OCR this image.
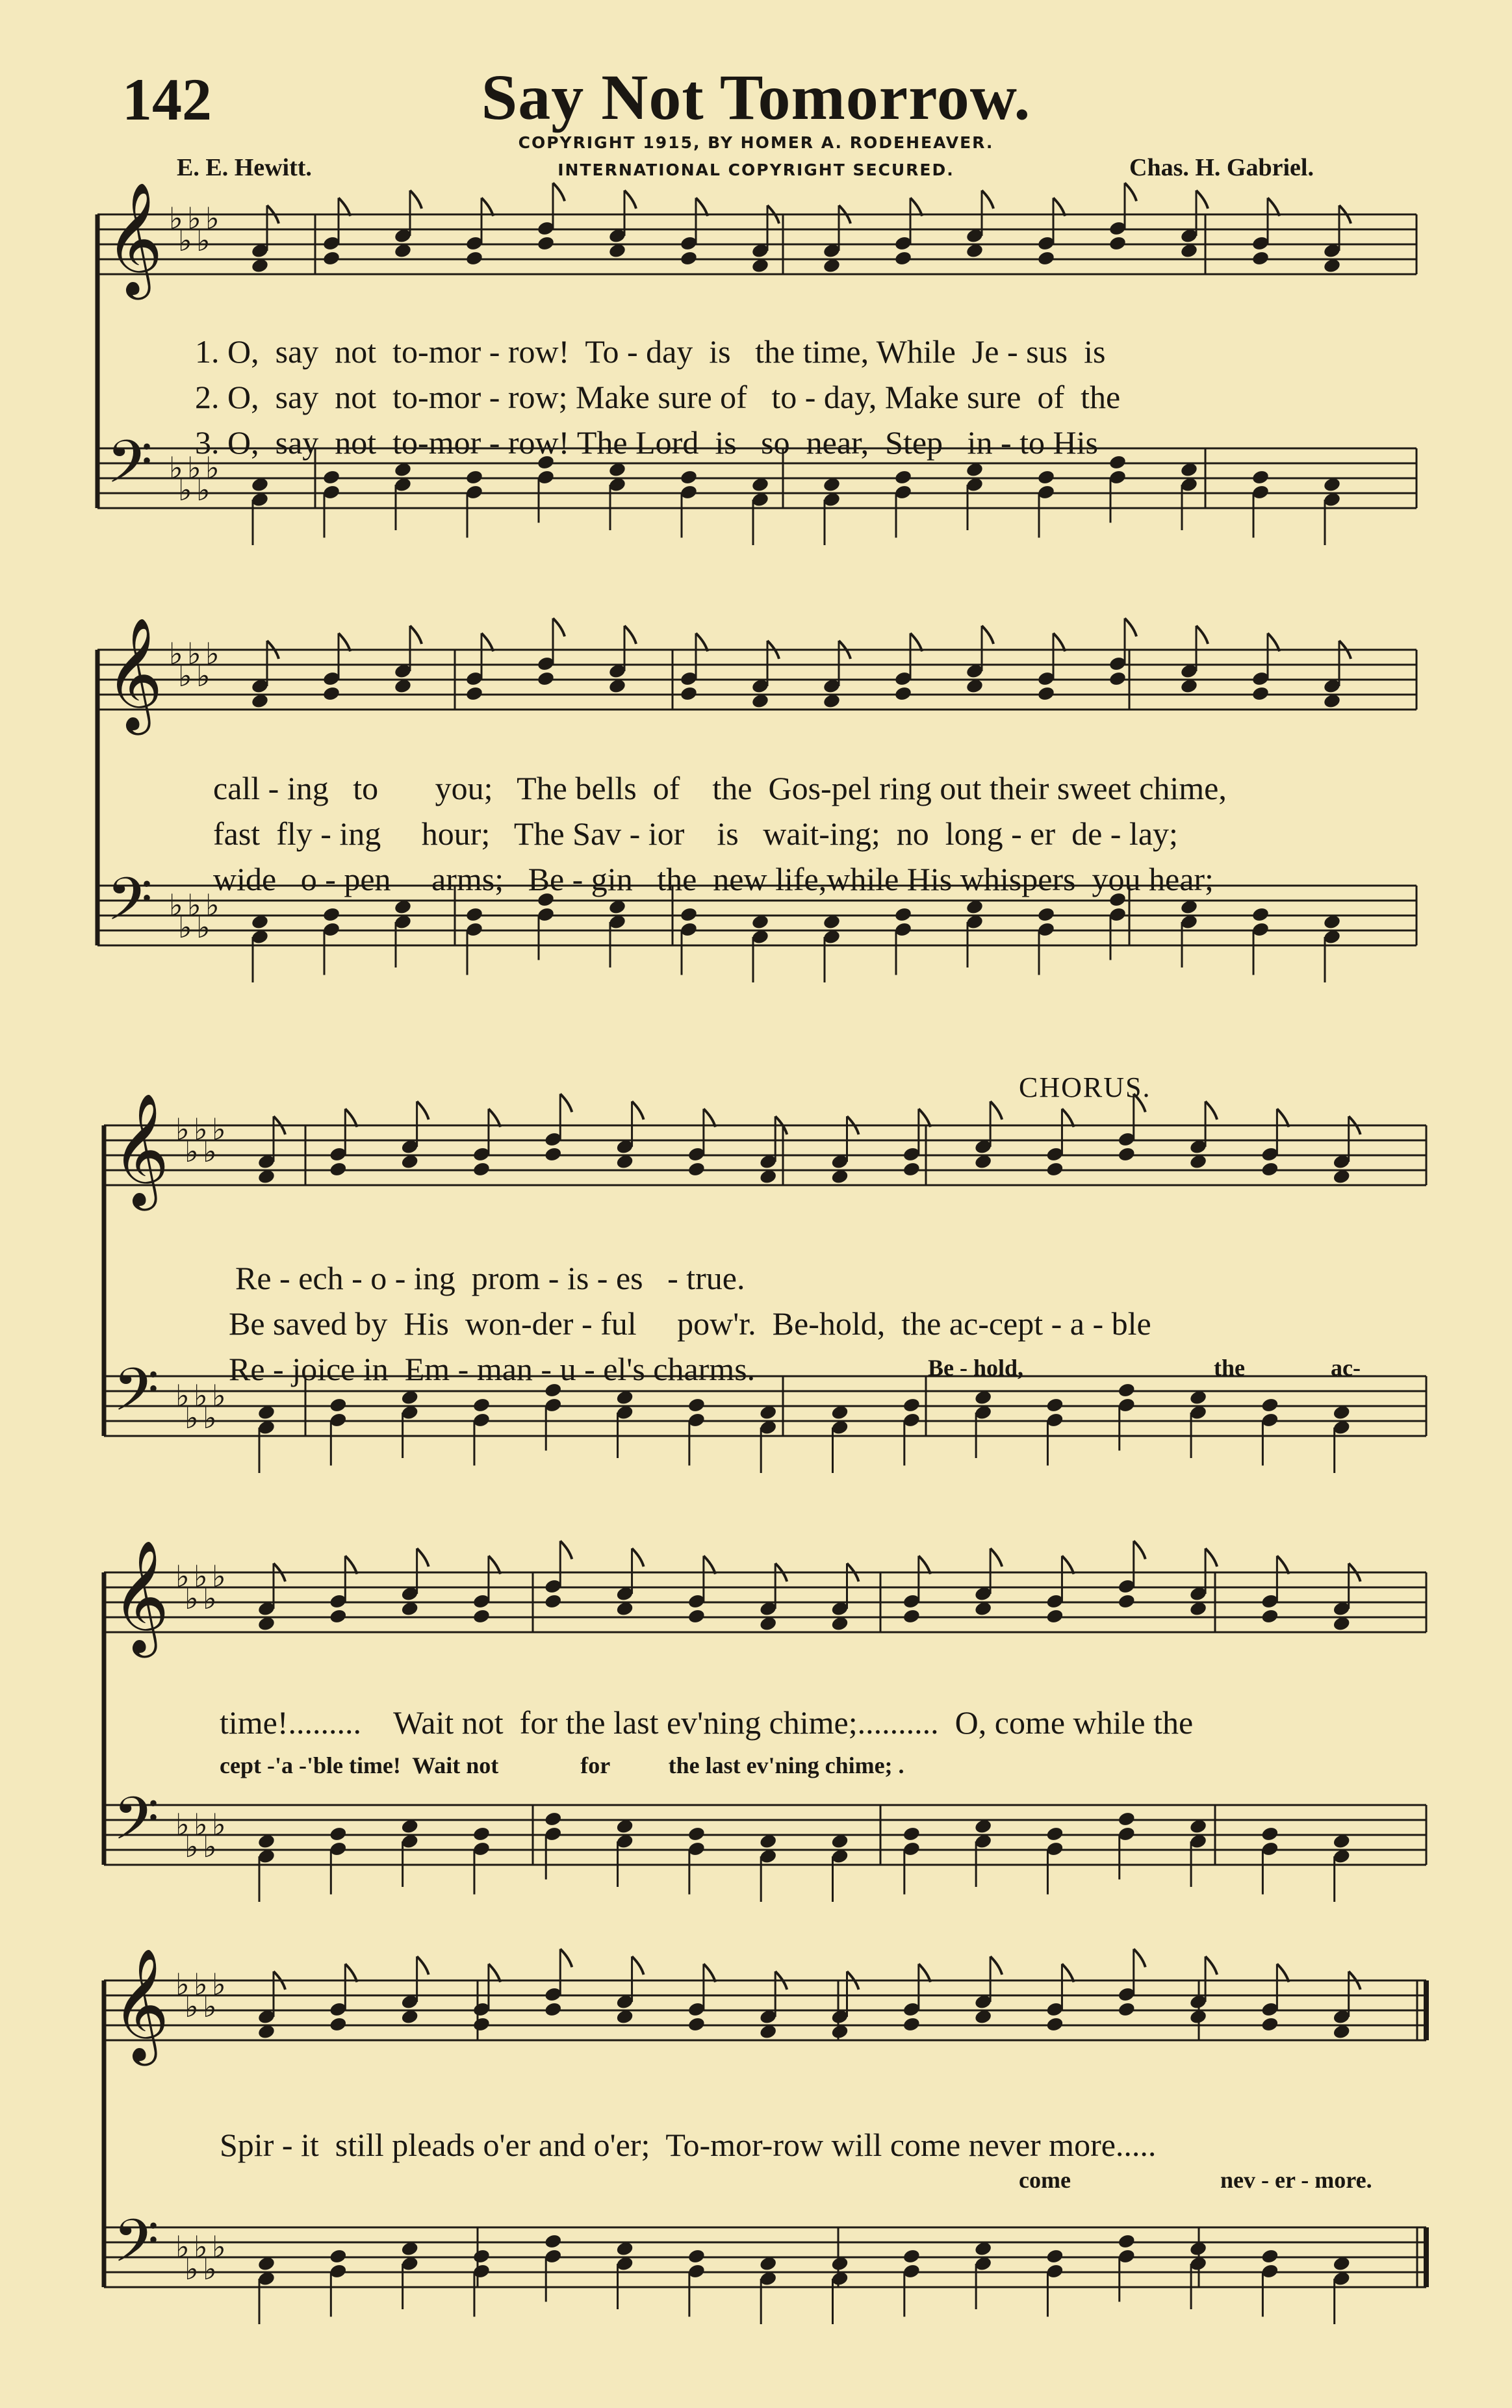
142	Say Not Tomorrow.
COPYRIGHT 1915, BY HOMER A. RODEHEAVER.
INTERNATIONAL COPYRIGHT SECURED.
E. E. Hewitt.	Chas. H. Gabriel.
CHORUS.
𝄞
𝄢
♭
♭
♭
♭
♭
♭
♭
♭
♭
♭
𝄞
𝄢
♭
♭
♭
♭
♭
♭
♭
♭
♭
♭
𝄞
𝄢
♭
♭
♭
♭
♭
♭
♭
♭
♭
♭
𝄞
𝄢
♭
♭
♭
♭
♭
♭
♭
♭
♭
♭
𝄞
𝄢
♭
♭
♭
♭
♭
♭
♭
♭
♭
♭
1. O,  say  not  to-mor - row!  To - day  is   the time, While  Je - sus  is
2. O,  say  not  to-mor - row; Make sure of   to - day, Make sure  of  the
3. O,  say  not  to-mor - row! The Lord  is   so  near,  Step   in - to His
call - ing   to       you;   The bells  of    the  Gos-pel ring out their sweet chime,
fast  fly - ing     hour;   The Sav - ior    is   wait-ing;  no  long - er  de - lay;
wide   o - pen     arms;   Be - gin   the  new life,while His whispers  you hear;
Re - ech - o - ing  prom - is - es   - true.
Be saved by  His  won-der - ful     pow'r.  Be-hold,  the ac-cept - a - ble
Re - joice in  Em - man - u - el's charms.	Be - hold,	the	ac-
time!.........    Wait not  for the last ev'ning chime;..........  O, come while the
cept -'a -'ble time!  Wait not              for          the last ev'ning chime; .
Spir - it  still pleads o'er and o'er;  To-mor-row will come never more.....
come	nev - er - more.
